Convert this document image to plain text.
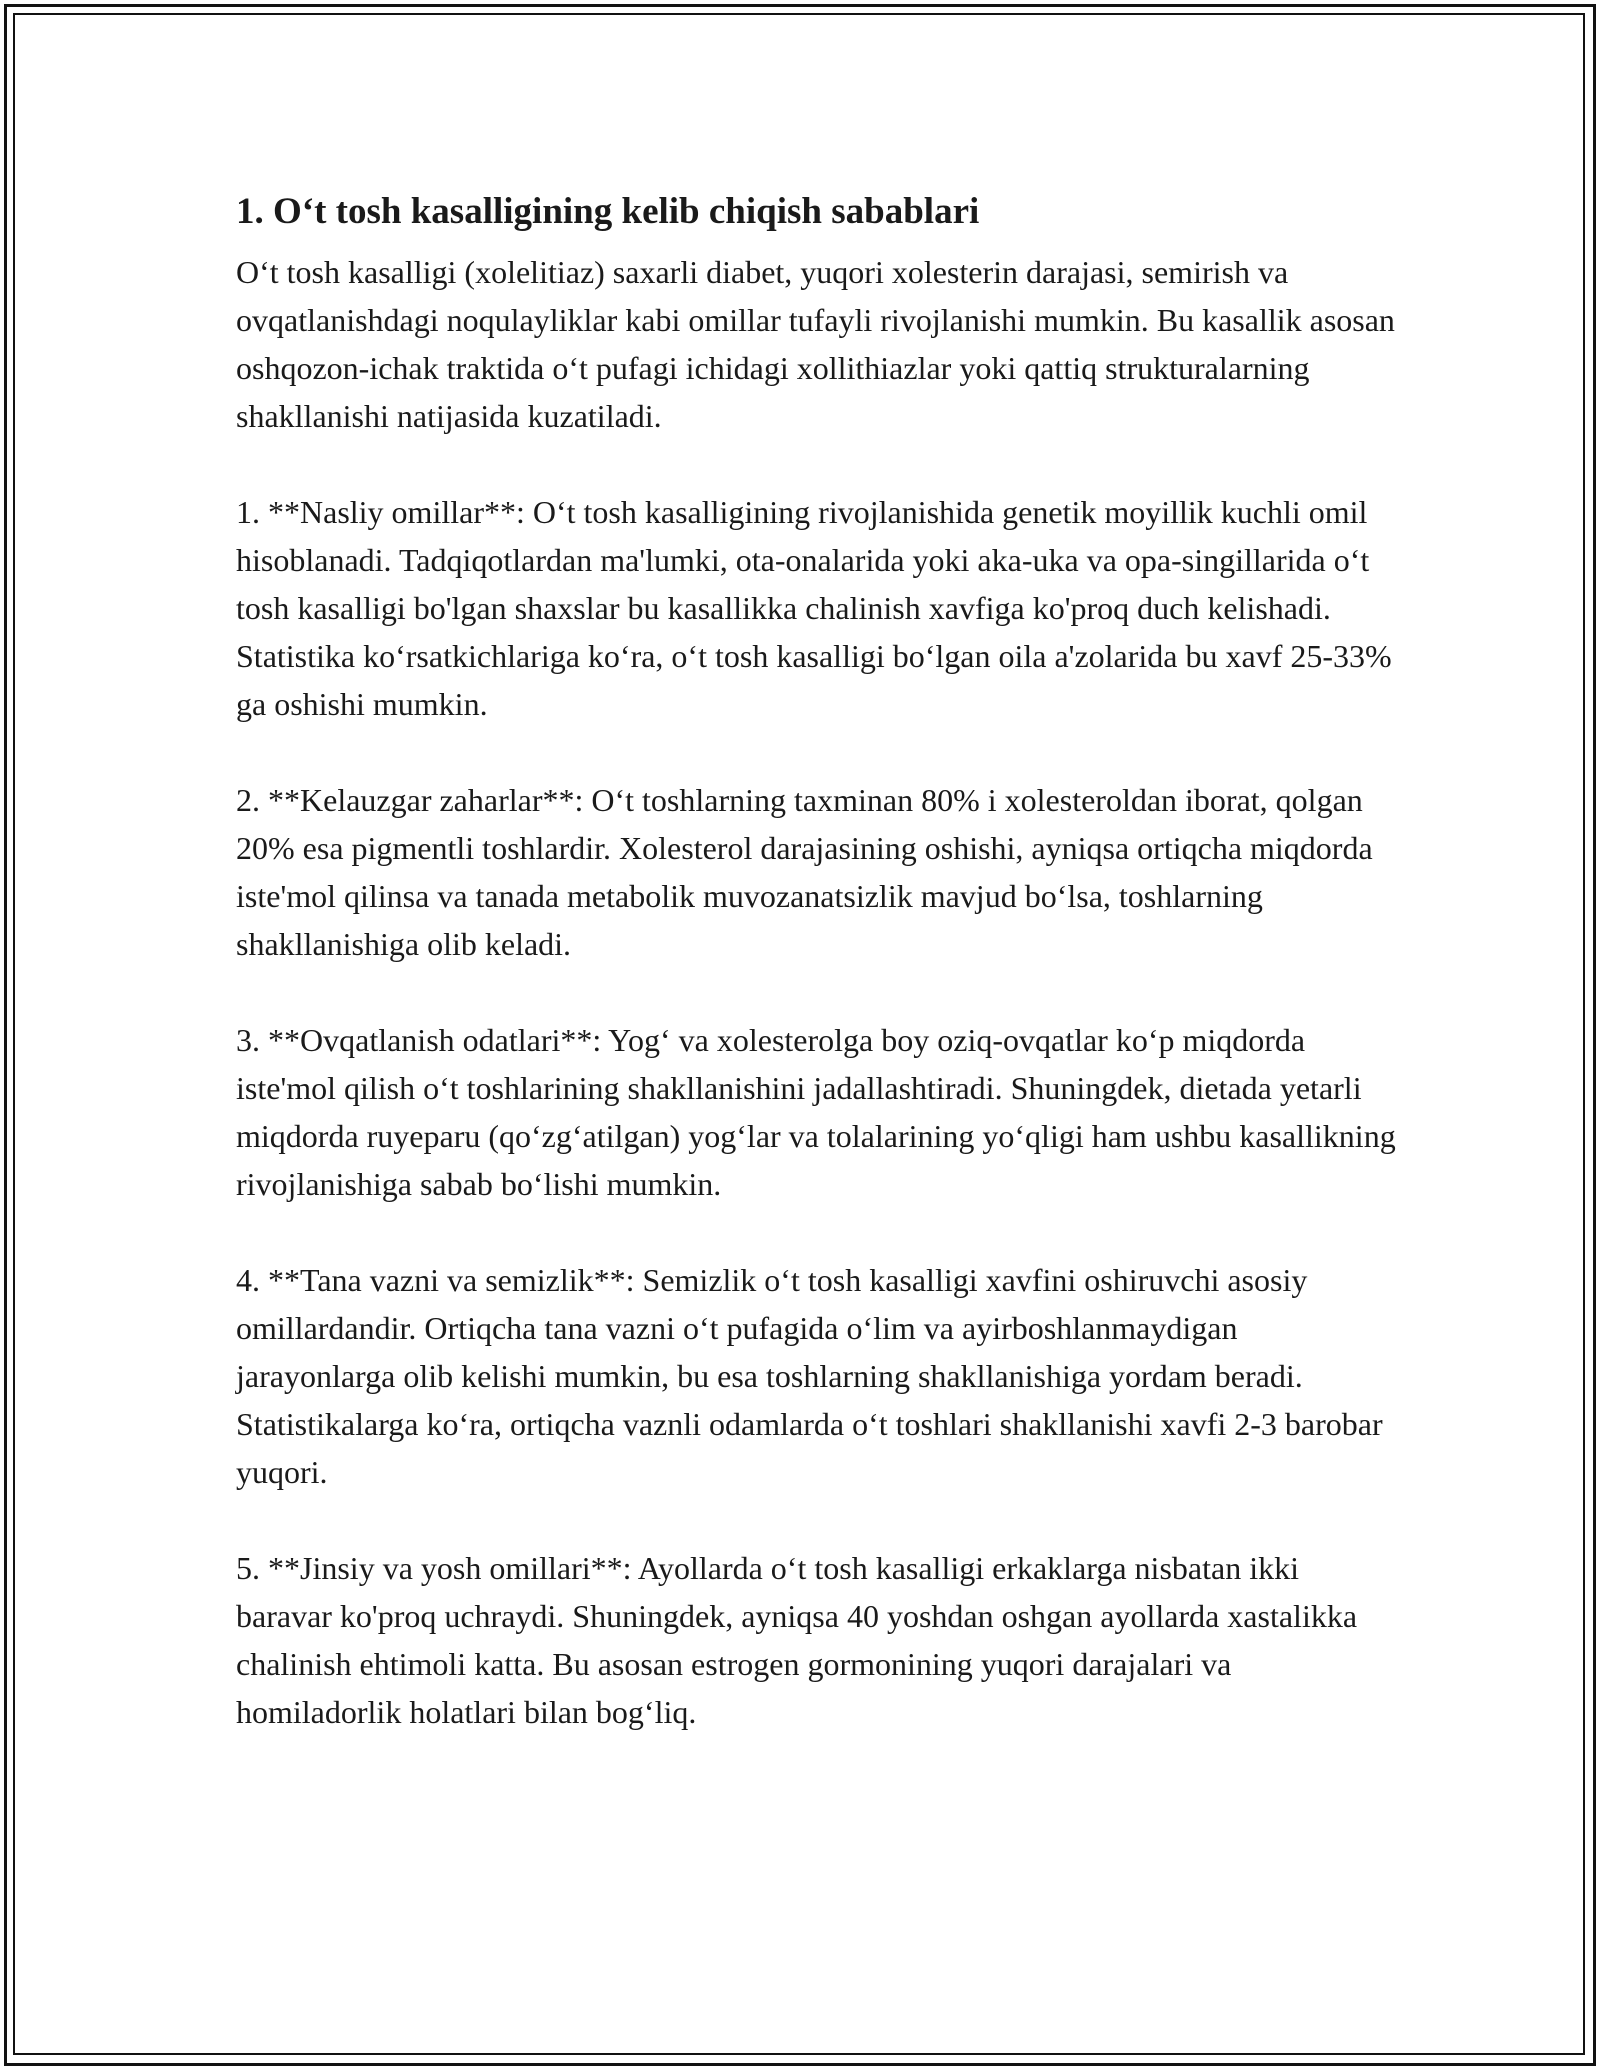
1. O‘t tosh kasalligining kelib chiqish sabablari

O‘t tosh kasalligi (xolelitiaz) saxarli diabet, yuqori xolesterin darajasi, semirish va ovqatlanishdagi noqulayliklar kabi omillar tufayli rivojlanishi mumkin. Bu kasallik asosan oshqozon-ichak traktida o‘t pufagi ichidagi xollithiazlar yoki qattiq strukturalarning shakllanishi natijasida kuzatiladi.

1. **Nasliy omillar**: O‘t tosh kasalligining rivojlanishida genetik moyillik kuchli omil hisoblanadi. Tadqiqotlardan ma'lumki, ota-onalarida yoki aka-uka va opa-singillarida o‘t tosh kasalligi bo'lgan shaxslar bu kasallikka chalinish xavfiga ko'proq duch kelishadi. Statistika ko‘rsatkichlariga ko‘ra, o‘t tosh kasalligi bo‘lgan oila a'zolarida bu xavf 25-33% ga oshishi mumkin.

2. **Kelauzgar zaharlar**: O‘t toshlarning taxminan 80% i xolesteroldan iborat, qolgan 20% esa pigmentli toshlardir. Xolesterol darajasining oshishi, ayniqsa ortiqcha miqdorda iste'mol qilinsa va tanada metabolik muvozanatsizlik mavjud bo‘lsa, toshlarning shakllanishiga olib keladi.

3. **Ovqatlanish odatlari**: Yog‘ va xolesterolga boy oziq-ovqatlar ko‘p miqdorda iste'mol qilish o‘t toshlarining shakllanishini jadallashtiradi. Shuningdek, dietada yetarli miqdorda ruyeparu (qo‘zg‘atilgan) yog‘lar va tolalarining yo‘qligi ham ushbu kasallikning rivojlanishiga sabab bo‘lishi mumkin.

4. **Tana vazni va semizlik**: Semizlik o‘t tosh kasalligi xavfini oshiruvchi asosiy omillardandir. Ortiqcha tana vazni o‘t pufagida o‘lim va ayirboshlanmaydigan jarayonlarga olib kelishi mumkin, bu esa toshlarning shakllanishiga yordam beradi. Statistikalarga ko‘ra, ortiqcha vaznli odamlarda o‘t toshlari shakllanishi xavfi 2-3 barobar yuqori.

5. **Jinsiy va yosh omillari**: Ayollarda o‘t tosh kasalligi erkaklarga nisbatan ikki baravar ko'proq uchraydi. Shuningdek, ayniqsa 40 yoshdan oshgan ayollarda xastalikka chalinish ehtimoli katta. Bu asosan estrogen gormonining yuqori darajalari va homiladorlik holatlari bilan bog‘liq.
